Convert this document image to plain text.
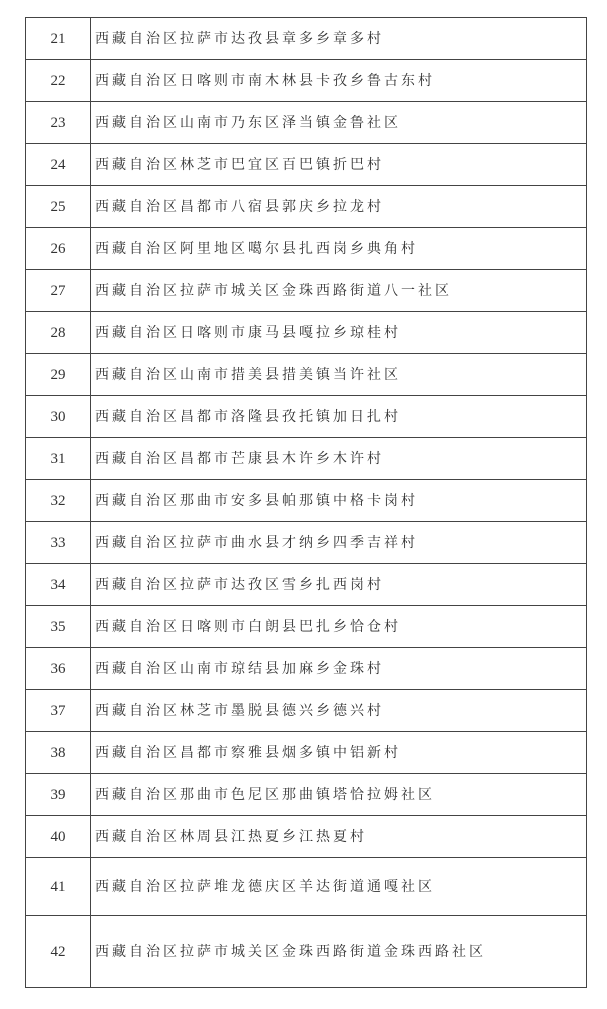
21	西藏自治区拉萨市达孜县章多乡章多村
22	西藏自治区日喀则市南木林县卡孜乡鲁古东村
23	西藏自治区山南市乃东区泽当镇金鲁社区
24	西藏自治区林芝市巴宜区百巴镇折巴村
25	西藏自治区昌都市八宿县郭庆乡拉龙村
26	西藏自治区阿里地区噶尔县扎西岗乡典角村
27	西藏自治区拉萨市城关区金珠西路街道八一社区
28	西藏自治区日喀则市康马县嘎拉乡琼桂村
29	西藏自治区山南市措美县措美镇当许社区
30	西藏自治区昌都市洛隆县孜托镇加日扎村
31	西藏自治区昌都市芒康县木许乡木许村
32	西藏自治区那曲市安多县帕那镇中格卡岗村
33	西藏自治区拉萨市曲水县才纳乡四季吉祥村
34	西藏自治区拉萨市达孜区雪乡扎西岗村
35	西藏自治区日喀则市白朗县巴扎乡恰仓村
36	西藏自治区山南市琼结县加麻乡金珠村
37	西藏自治区林芝市墨脱县德兴乡德兴村
38	西藏自治区昌都市察雅县烟多镇中铝新村
39	西藏自治区那曲市色尼区那曲镇塔恰拉姆社区
40	西藏自治区林周县江热夏乡江热夏村
41	西藏自治区拉萨堆龙德庆区羊达街道通嘎社区
42	西藏自治区拉萨市城关区金珠西路街道金珠西路社区
